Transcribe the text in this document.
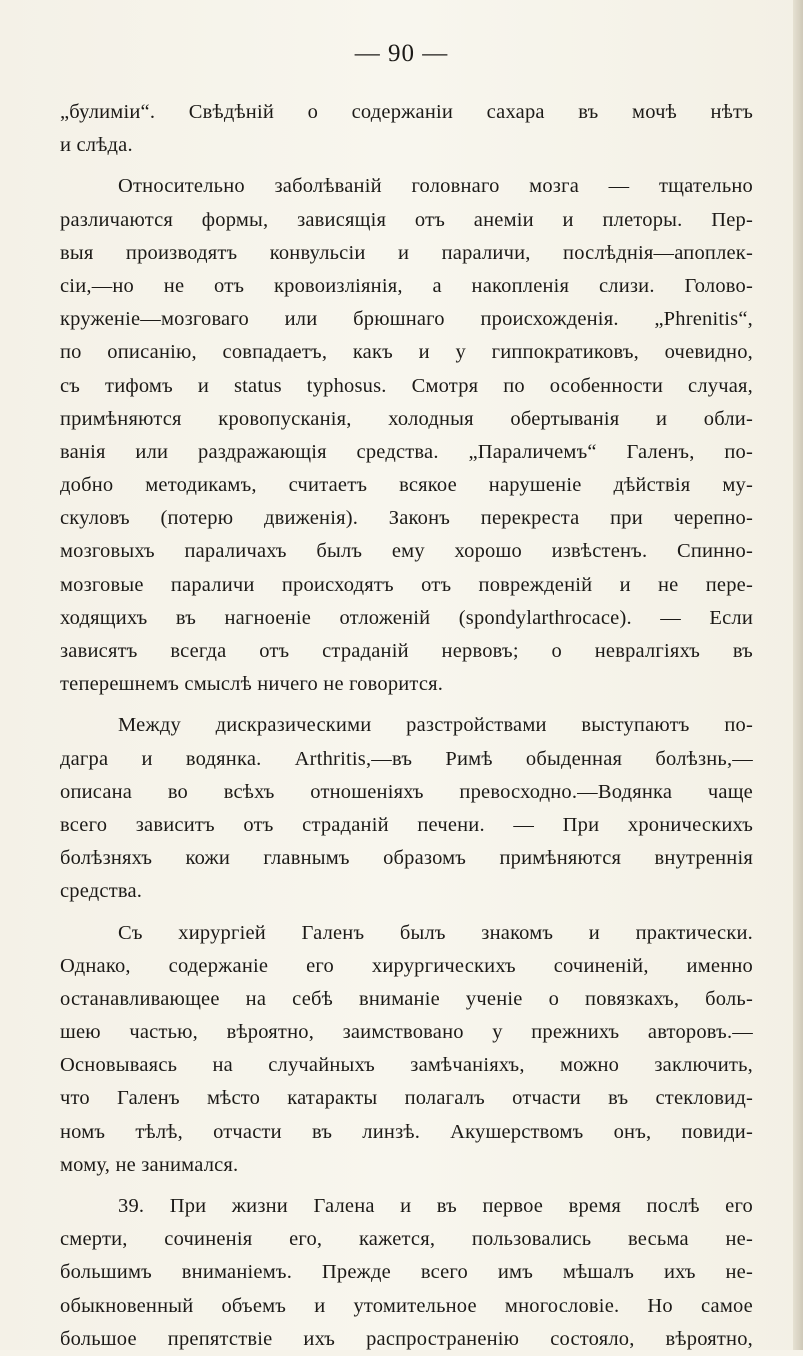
— 90 —
„булиміи“. Свѣдѣній о содержаніи сахара въ мочѣ нѣтъ
и слѣда.
Относительно заболѣваній головнаго мозга — тщательно
различаются формы, зависящія отъ анеміи и плеторы. Пер-
выя производятъ конвульсіи и параличи, послѣднія—апоплек-
сіи,—но не отъ кровоизліянія, а накопленія слизи. Голово-
круженіе—мозговаго или брюшнаго происхожденія. „Phrenitis“,
по описанію, совпадаетъ, какъ и у гиппократиковъ, очевидно,
съ тифомъ и status typhosus. Смотря по особенности случая,
примѣняются кровопусканія, холодныя обертыванія и обли-
ванія или раздражающія средства. „Параличемъ“ Галенъ, по-
добно методикамъ, считаетъ всякое нарушеніе дѣйствія му-
скуловъ (потерю движенія). Законъ перекреста при черепно-
мозговыхъ параличахъ былъ ему хорошо извѣстенъ. Спинно-
мозговые параличи происходятъ отъ поврежденій и не пере-
ходящихъ въ нагноеніе отложеній (spondylarthrocace). — Если
зависятъ всегда отъ страданій нервовъ; о невралгіяхъ въ
теперешнемъ смыслѣ ничего не говорится.
Между дискразическими разстройствами выступаютъ по-
дагра и водянка. Arthritis,—въ Римѣ обыденная болѣзнь,—
описана во всѣхъ отношеніяхъ превосходно.—Водянка чаще
всего зависитъ отъ страданій печени. — При хроническихъ
болѣзняхъ кожи главнымъ образомъ примѣняются внутреннія
средства.
Съ хирургіей Галенъ былъ знакомъ и практически.
Однако, содержаніе его хирургическихъ сочиненій, именно
останавливающее на себѣ вниманіе ученіе о повязкахъ, боль-
шею частью, вѣроятно, заимствовано у прежнихъ авторовъ.—
Основываясь на случайныхъ замѣчаніяхъ, можно заключить,
что Галенъ мѣсто катаракты полагалъ отчасти въ стекловид-
номъ тѣлѣ, отчасти въ линзѣ. Акушерствомъ онъ, повиди-
мому, не занимался.
39. При жизни Галена и въ первое время послѣ его
смерти, сочиненія его, кажется, пользовались весьма не-
большимъ вниманіемъ. Прежде всего имъ мѣшалъ ихъ не-
обыкновенный объемъ и утомительное многословіе. Но самое
большое препятствіе ихъ распространенію состояло, вѣроятно,
